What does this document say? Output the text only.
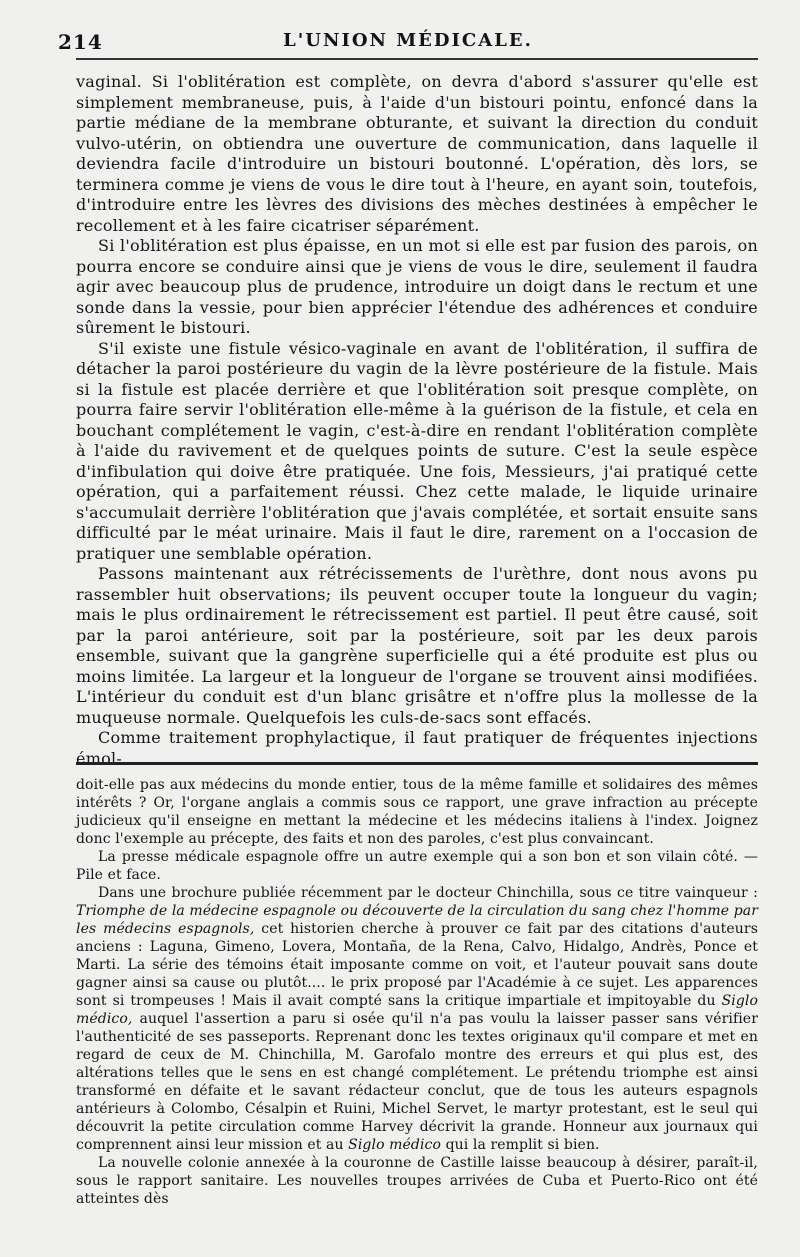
214	L'UNION MÉDICALE.

vaginal. Si l'oblitération est complète, on devra d'abord s'assurer qu'elle est simplement membraneuse, puis, à l'aide d'un bistouri pointu, enfoncé dans la partie médiane de la membrane obturante, et suivant la direction du conduit vulvo-utérin, on obtiendra une ouverture de communication, dans laquelle il deviendra facile d'introduire un bistouri boutonné. L'opération, dès lors, se terminera comme je viens de vous le dire tout à l'heure, en ayant soin, toutefois, d'introduire entre les lèvres des divisions des mèches destinées à empêcher le recollement et à les faire cicatriser séparément.

Si l'oblitération est plus épaisse, en un mot si elle est par fusion des parois, on pourra encore se conduire ainsi que je viens de vous le dire, seulement il faudra agir avec beaucoup plus de prudence, introduire un doigt dans le rectum et une sonde dans la vessie, pour bien apprécier l'étendue des adhérences et conduire sûrement le bistouri.

S'il existe une fistule vésico-vaginale en avant de l'oblitération, il suffira de détacher la paroi postérieure du vagin de la lèvre postérieure de la fistule. Mais si la fistule est placée derrière et que l'oblitération soit presque complète, on pourra faire servir l'oblitération elle-même à la guérison de la fistule, et cela en bouchant complétement le vagin, c'est-à-dire en rendant l'oblitération complète à l'aide du ravivement et de quelques points de suture. C'est la seule espèce d'infibulation qui doive être pratiquée. Une fois, Messieurs, j'ai pratiqué cette opération, qui a parfaitement réussi. Chez cette malade, le liquide urinaire s'accumulait derrière l'oblitération que j'avais complétée, et sortait ensuite sans difficulté par le méat urinaire. Mais il faut le dire, rarement on a l'occasion de pratiquer une semblable opération.

Passons maintenant aux rétrécissements de l'urèthre, dont nous avons pu rassembler huit observations; ils peuvent occuper toute la longueur du vagin; mais le plus ordinairement le rétrecissement est partiel. Il peut être causé, soit par la paroi antérieure, soit par la postérieure, soit par les deux parois ensemble, suivant que la gangrène superficielle qui a été produite est plus ou moins limitée. La largeur et la longueur de l'organe se trouvent ainsi modifiées. L'intérieur du conduit est d'un blanc grisâtre et n'offre plus la mollesse de la muqueuse normale. Quelquefois les culs-de-sacs sont effacés.

Comme traitement prophylactique, il faut pratiquer de fréquentes injections émol-

doit-elle pas aux médecins du monde entier, tous de la même famille et solidaires des mêmes intérêts ? Or, l'organe anglais a commis sous ce rapport, une grave infraction au précepte judicieux qu'il enseigne en mettant la médecine et les médecins italiens à l'index. Joignez donc l'exemple au précepte, des faits et non des paroles, c'est plus convaincant.

La presse médicale espagnole offre un autre exemple qui a son bon et son vilain côté. — Pile et face.

Dans une brochure publiée récemment par le docteur Chinchilla, sous ce titre vainqueur : Triomphe de la médecine espagnole ou découverte de la circulation du sang chez l'homme par les médecins espagnols, cet historien cherche à prouver ce fait par des citations d'auteurs anciens : Laguna, Gimeno, Lovera, Montaña, de la Rena, Calvo, Hidalgo, Andrès, Ponce et Marti. La série des témoins était imposante comme on voit, et l'auteur pouvait sans doute gagner ainsi sa cause ou plutôt.... le prix proposé par l'Académie à ce sujet. Les apparences sont si trompeuses ! Mais il avait compté sans la critique impartiale et impitoyable du Siglo médico, auquel l'assertion a paru si osée qu'il n'a pas voulu la laisser passer sans vérifier l'authenticité de ses passeports. Reprenant donc les textes originaux qu'il compare et met en regard de ceux de M. Chinchilla, M. Garofalo montre des erreurs et qui plus est, des altérations telles que le sens en est changé complétement. Le prétendu triomphe est ainsi transformé en défaite et le savant rédacteur conclut, que de tous les auteurs espagnols antérieurs à Colombo, Césalpin et Ruini, Michel Servet, le martyr protestant, est le seul qui découvrit la petite circulation comme Harvey décrivit la grande. Honneur aux journaux qui comprennent ainsi leur mission et au Siglo médico qui la remplit si bien.

La nouvelle colonie annexée à la couronne de Castille laisse beaucoup à désirer, paraît-il, sous le rapport sanitaire. Les nouvelles troupes arrivées de Cuba et Puerto-Rico ont été atteintes dès
